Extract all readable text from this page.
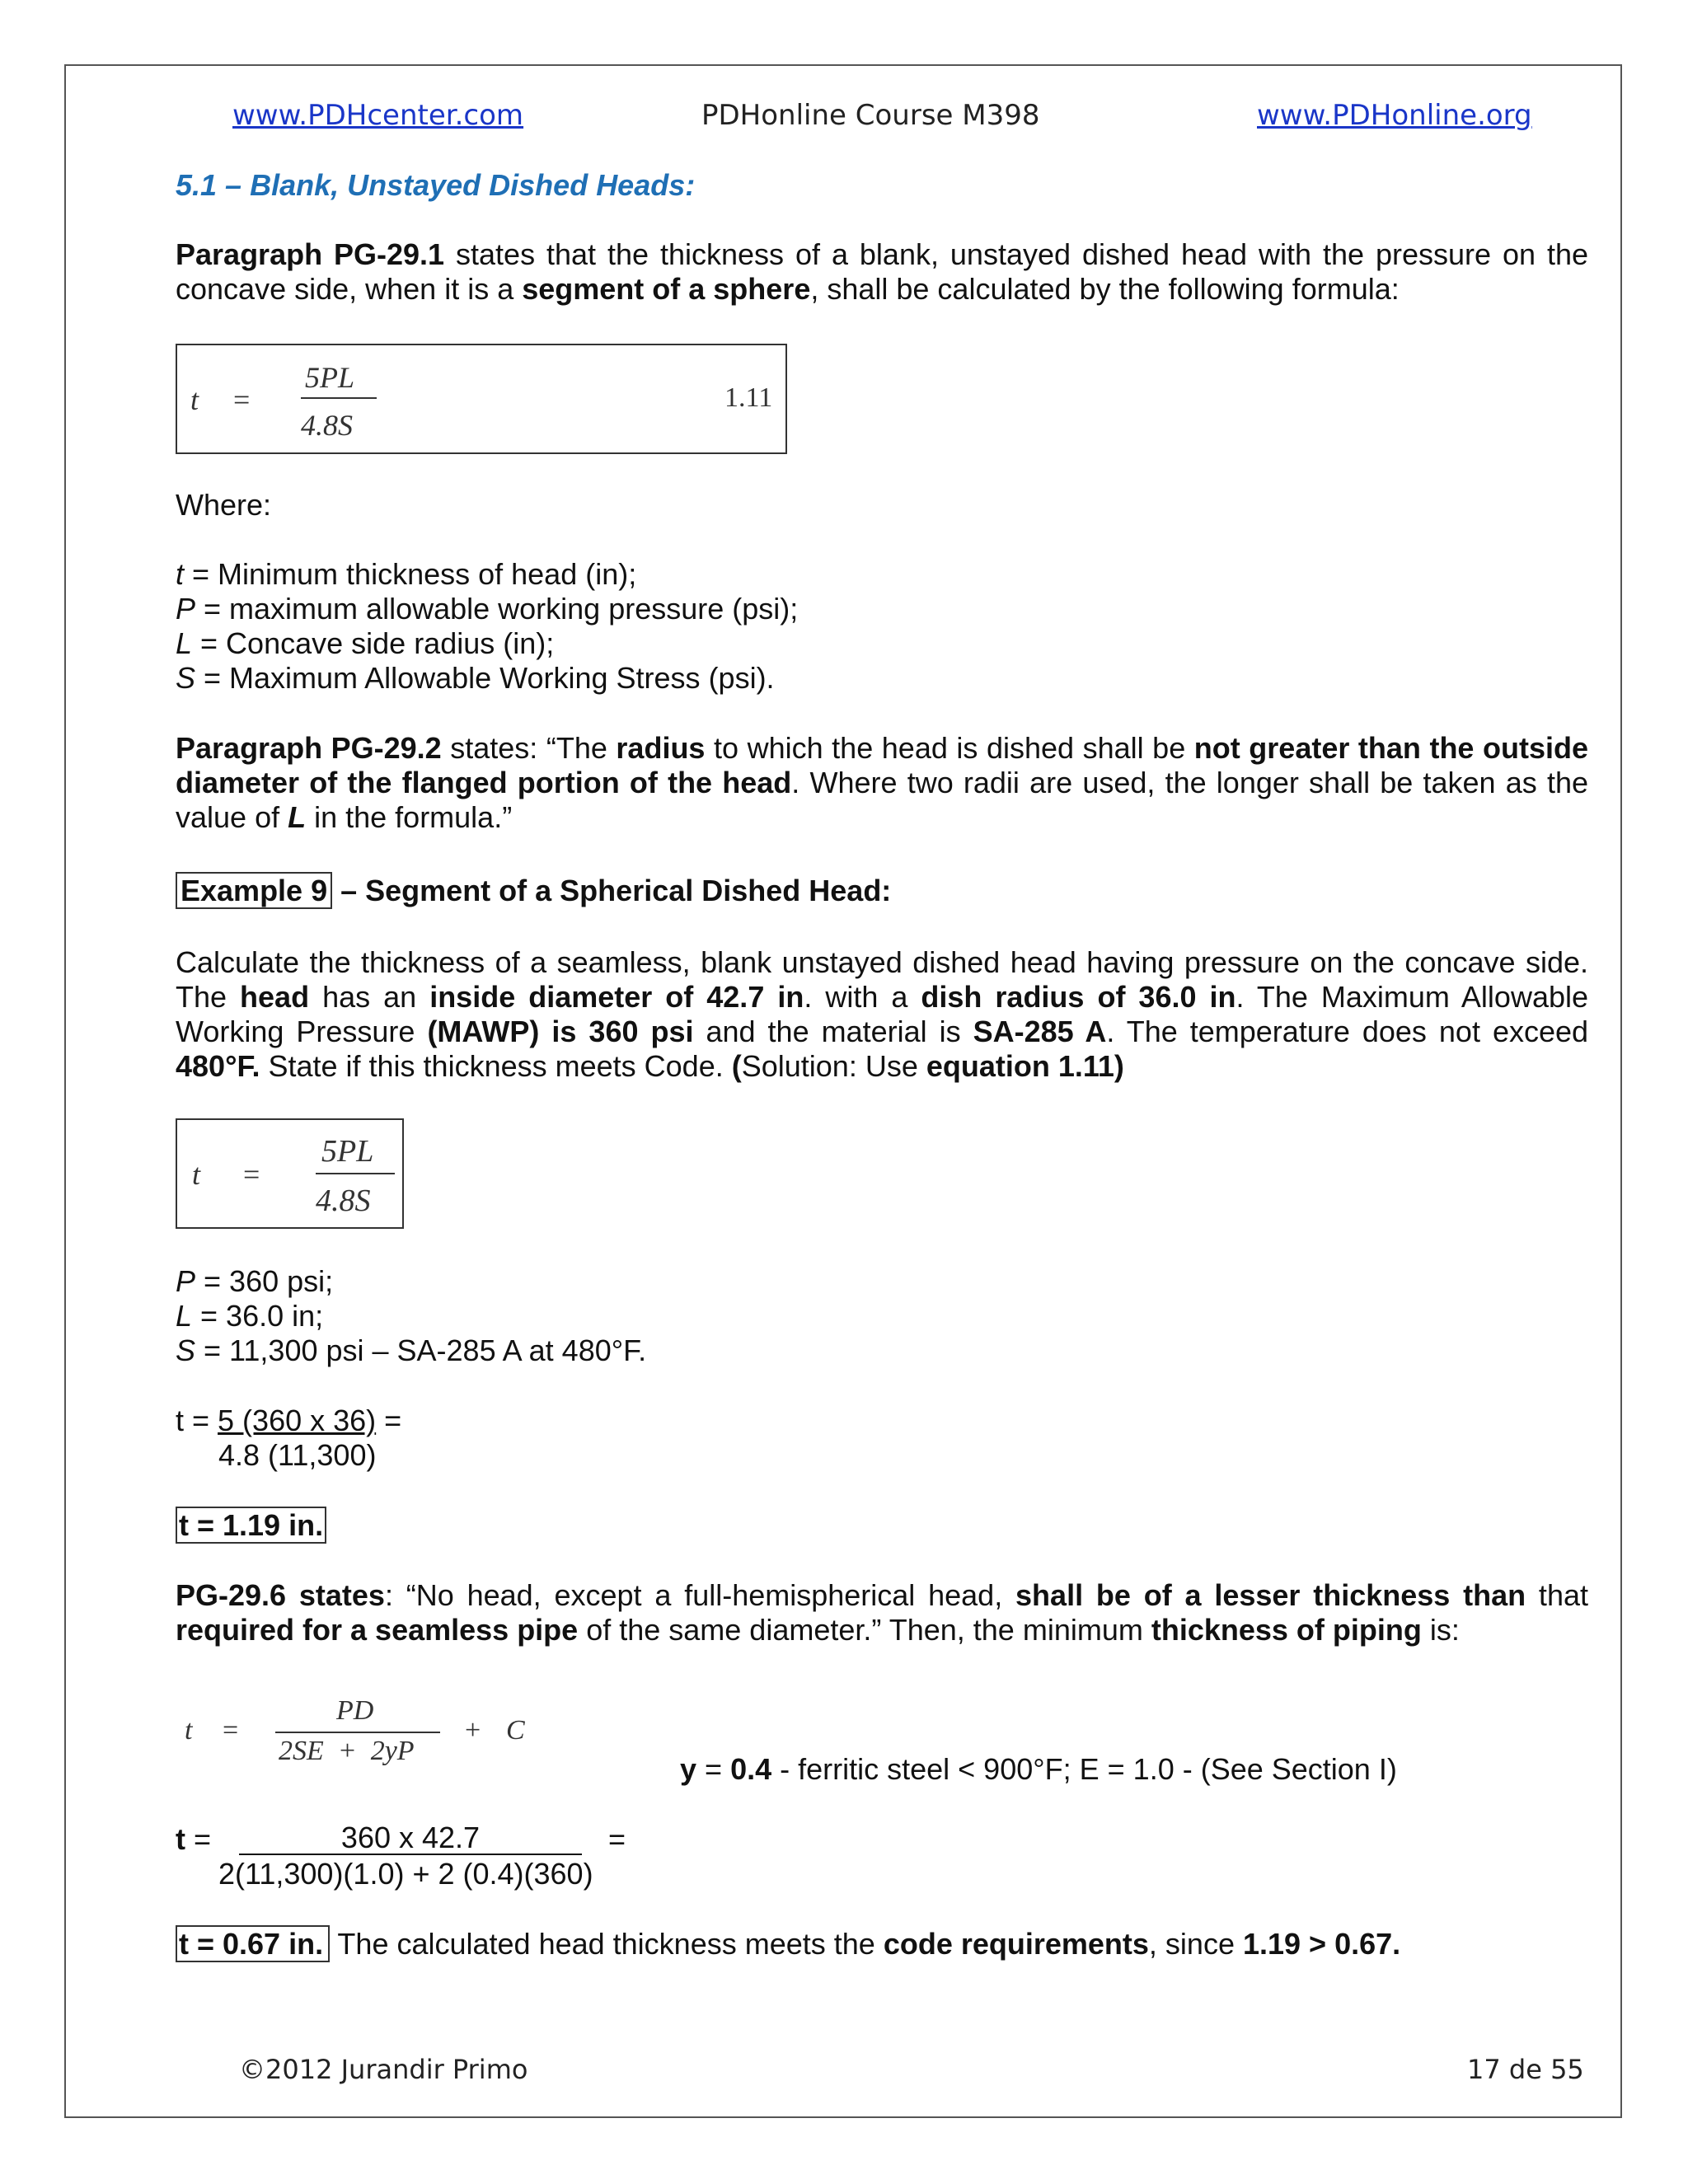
www.PDHcenter.com	PDHonline Course M398	www.PDHonline.org
5.1 – Blank, Unstayed Dished Heads:
Paragraph PG-29.1 states that the thickness of a blank, unstayed dished head with the pressure on the concave side, when it is a segment of a sphere, shall be calculated by the following formula:
t =
5PL
4.8S
1.11
Where:
t = Minimum thickness of head (in);
P = maximum allowable working pressure (psi);
L = Concave side radius (in);
S = Maximum Allowable Working Stress (psi).
Paragraph PG-29.2 states: “The radius to which the head is dished shall be not greater than the outside diameter of the flanged portion of the head. Where two radii are used, the longer shall be taken as the value of L in the formula.”
Example 9 – Segment of a Spherical Dished Head:
Calculate the thickness of a seamless, blank unstayed dished head having pressure on the concave side. The head has an inside diameter of 42.7 in. with a dish radius of 36.0 in. The Maximum Allowable Working Pressure (MAWP) is 360 psi and the material is SA-285 A. The temperature does not exceed 480°F. State if this thickness meets Code. (Solution: Use equation 1.11)
t =
5PL
4.8S
P = 360 psi;
L = 36.0 in;
S = 11,300 psi – SA-285 A at 480°F.
t = 5 (360 x 36) =
4.8 (11,300)
t = 1.19 in.
PG-29.6 states: “No head, except a full-hemispherical head, shall be of a lesser thickness than that required for a seamless pipe of the same diameter.” Then, the minimum thickness of piping is:
t =
PD
2SE  +  2yP
+ C
y = 0.4 - ferritic steel < 900°F; E = 1.0 - (See Section I)
t =	360 x 42.7	=
2(11,300)(1.0) + 2 (0.4)(360)
t = 0.67 in. The calculated head thickness meets the code requirements, since 1.19 > 0.67.
©2012 Jurandir Primo	17 de 55
